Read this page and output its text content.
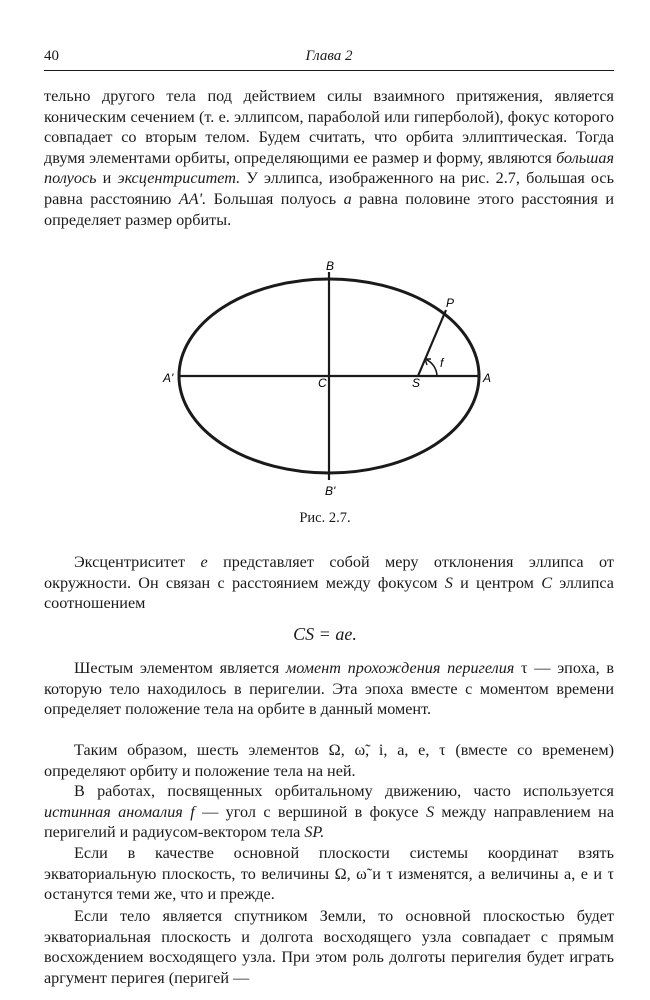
40	Глава 2

тельно другого тела под действием силы взаимного притяжения, является коническим сечением (т. е. эллипсом, параболой или гиперболой), фокус которого совпадает со вторым телом. Будем считать, что орбита эллиптическая. Тогда двумя элементами орбиты, определяющими ее размер и форму, являются большая полуось и эксцентриситет. У эллипса, изображенного на рис. 2.7, большая ось равна расстоянию AA'. Большая полуось a равна половине этого расстояния и определяет размер орбиты.

B
P
A'	C	S	A
f
B'
Рис. 2.7.

Эксцентриситет e представляет собой меру отклонения эллипса от окружности. Он связан с расстоянием между фокусом S и центром C эллипса соотношением

CS = ae.

Шестым элементом является момент прохождения перигелия τ — эпоха, в которую тело находилось в перигелии. Эта эпоха вместе с моментом времени определяет положение тела на орбите в данный момент.

Таким образом, шесть элементов Ω, ω̃, i, a, e, τ (вместе со временем) определяют орбиту и положение тела на ней.

В работах, посвященных орбитальному движению, часто используется истинная аномалия f — угол с вершиной в фокусе S между направлением на перигелий и радиусом-вектором тела SP.

Если в качестве основной плоскости системы координат взять экваториальную плоскость, то величины Ω, ω̃ и τ изменятся, а величины a, e и τ останутся теми же, что и прежде.

Если тело является спутником Земли, то основной плоскостью будет экваториальная плоскость и долгота восходящего узла совпадает с прямым восхождением восходящего узла. При этом роль долготы перигелия будет играть аргумент перигея (перигей —
